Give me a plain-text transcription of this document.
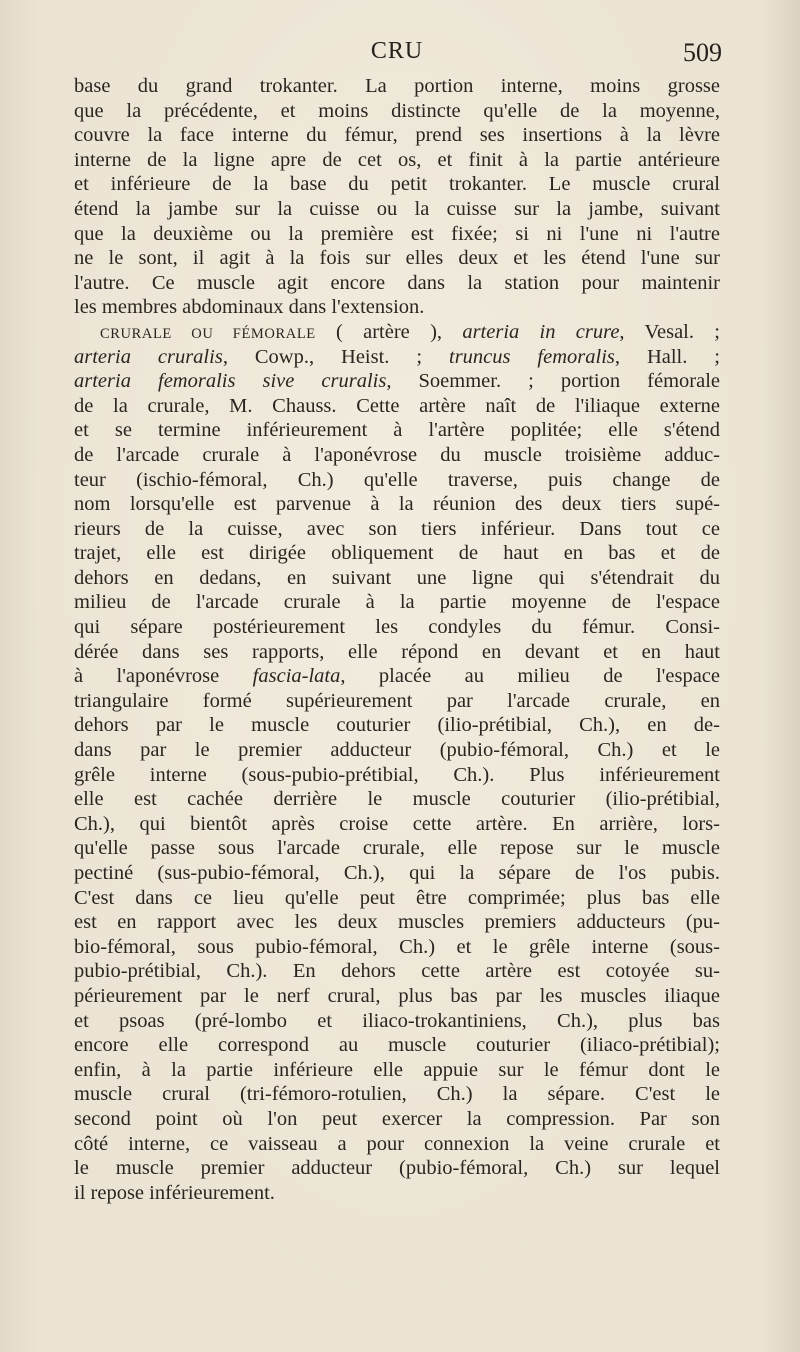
CRU	509
base du grand trokanter. La portion interne, moins grosse
que la précédente, et moins distincte qu'elle de la moyenne,
couvre la face interne du fémur, prend ses insertions à la lèvre
interne de la ligne apre de cet os, et finit à la partie antérieure
et inférieure de la base du petit trokanter. Le muscle crural
étend la jambe sur la cuisse ou la cuisse sur la jambe, suivant
que la deuxième ou la première est fixée; si ni l'une ni l'autre
ne le sont, il agit à la fois sur elles deux et les étend l'une sur
l'autre. Ce muscle agit encore dans la station pour maintenir
les membres abdominaux dans l'extension.
CRURALE OU FÉMORALE ( artère ), arteria in crure, Vesal. ;
arteria cruralis, Cowp., Heist. ; truncus femoralis, Hall. ;
arteria femoralis sive cruralis, Soemmer. ; portion fémorale
de la crurale, M. Chauss. Cette artère naît de l'iliaque externe
et se termine inférieurement à l'artère poplitée; elle s'étend
de l'arcade crurale à l'aponévrose du muscle troisième adduc-
teur (ischio-fémoral, Ch.) qu'elle traverse, puis change de
nom lorsqu'elle est parvenue à la réunion des deux tiers supé-
rieurs de la cuisse, avec son tiers inférieur. Dans tout ce
trajet, elle est dirigée obliquement de haut en bas et de
dehors en dedans, en suivant une ligne qui s'étendrait du
milieu de l'arcade crurale à la partie moyenne de l'espace
qui sépare postérieurement les condyles du fémur. Consi-
dérée dans ses rapports, elle répond en devant et en haut
à l'aponévrose fascia-lata, placée au milieu de l'espace
triangulaire formé supérieurement par l'arcade crurale, en
dehors par le muscle couturier (ilio-prétibial, Ch.), en de-
dans par le premier adducteur (pubio-fémoral, Ch.) et le
grêle interne (sous-pubio-prétibial, Ch.). Plus inférieurement
elle est cachée derrière le muscle couturier (ilio-prétibial,
Ch.), qui bientôt après croise cette artère. En arrière, lors-
qu'elle passe sous l'arcade crurale, elle repose sur le muscle
pectiné (sus-pubio-fémoral, Ch.), qui la sépare de l'os pubis.
C'est dans ce lieu qu'elle peut être comprimée; plus bas elle
est en rapport avec les deux muscles premiers adducteurs (pu-
bio-fémoral, sous pubio-fémoral, Ch.) et le grêle interne (sous-
pubio-prétibial, Ch.). En dehors cette artère est cotoyée su-
périeurement par le nerf crural, plus bas par les muscles iliaque
et psoas (pré-lombo et iliaco-trokantiniens, Ch.), plus bas
encore elle correspond au muscle couturier (iliaco-prétibial);
enfin, à la partie inférieure elle appuie sur le fémur dont le
muscle crural (tri-fémoro-rotulien, Ch.) la sépare. C'est le
second point où l'on peut exercer la compression. Par son
côté interne, ce vaisseau a pour connexion la veine crurale et
le muscle premier adducteur (pubio-fémoral, Ch.) sur lequel
il repose inférieurement.
